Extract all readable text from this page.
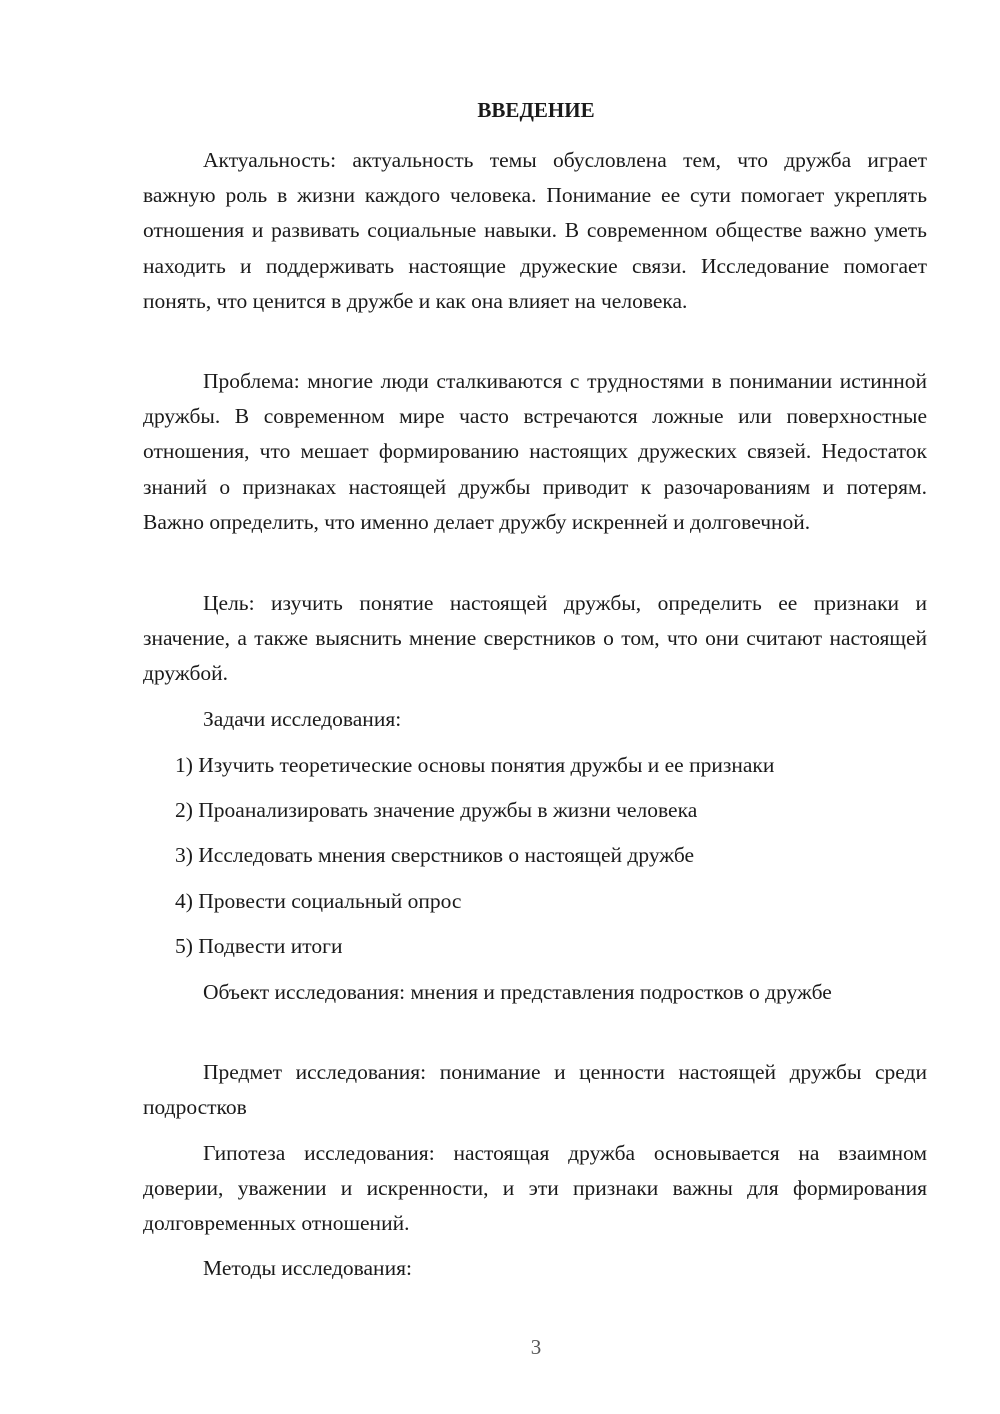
ВВЕДЕНИЕ

Актуальность: актуальность темы обусловлена тем, что дружба играет важную роль в жизни каждого человека. Понимание ее сути помогает укреплять отношения и развивать социальные навыки. В современном обществе важно уметь находить и поддерживать настоящие дружеские связи. Исследование помогает понять, что ценится в дружбе и как она влияет на человека.

Проблема: многие люди сталкиваются с трудностями в понимании истинной дружбы. В современном мире часто встречаются ложные или поверхностные отношения, что мешает формированию настоящих дружеских связей. Недостаток знаний о признаках настоящей дружбы приводит к разочарованиям и потерям. Важно определить, что именно делает дружбу искренней и долговечной.

Цель: изучить понятие настоящей дружбы, определить ее признаки и значение, а также выяснить мнение сверстников о том, что они считают настоящей дружбой.

Задачи исследования:

1) Изучить теоретические основы понятия дружбы и ее признаки

2) Проанализировать значение дружбы в жизни человека

3) Исследовать мнения сверстников о настоящей дружбе

4) Провести социальный опрос

5) Подвести итоги

Объект исследования: мнения и представления подростков о дружбе

Предмет исследования: понимание и ценности настоящей дружбы среди подростков

Гипотеза исследования: настоящая дружба основывается на взаимном доверии, уважении и искренности, и эти признаки важны для формирования долговременных отношений.

Методы исследования:

3
